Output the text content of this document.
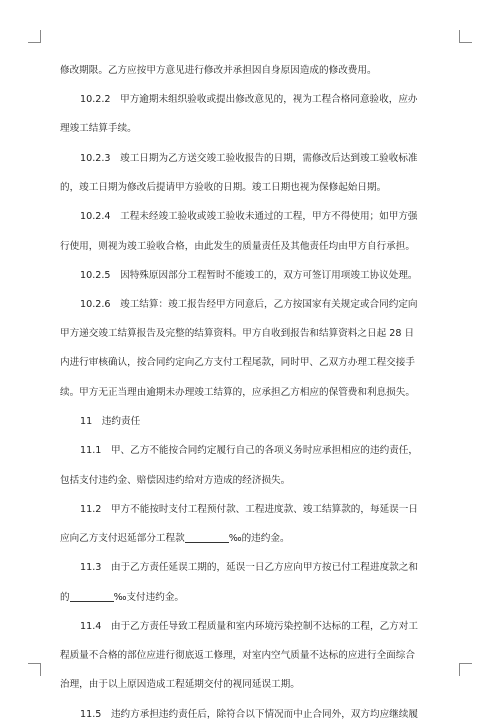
修改期限。乙方应按甲方意见进行修改并承担因自身原因造成的修改费用。
10.2.2　甲方逾期未组织验收或提出修改意见的，视为工程合格同意验收，应办
理竣工结算手续。
10.2.3　竣工日期为乙方送交竣工验收报告的日期，需修改后达到竣工验收标准
的，竣工日期为修改后提请甲方验收的日期。竣工日期也视为保修起始日期。
10.2.4　工程未经竣工验收或竣工验收未通过的工程，甲方不得使用；如甲方强
行使用，则视为竣工验收合格，由此发生的质量责任及其他责任均由甲方自行承担。
10.2.5　因特殊原因部分工程暂时不能竣工的，双方可签订用项竣工协议处理。
10.2.6　竣工结算：竣工报告经甲方同意后，乙方按国家有关规定或合同约定向
甲方递交竣工结算报告及完整的结算资料。甲方自收到报告和结算资料之日起 28 日
内进行审核确认，按合同约定向乙方支付工程尾款，同时甲、乙双方办理工程交接手
续。甲方无正当理由逾期未办理竣工结算的，应承担乙方相应的保管费和利息损失。
11　违约责任
11.1　甲、乙方不能按合同约定履行自己的各项义务时应承担相应的违约责任，
包括支付违约金、赔偿因违约给对方造成的经济损失。
11.2　甲方不能按时支付工程预付款、工程进度款、竣工结算款的，每延误一日
应向乙方支付迟延部分工程款	‰的违约金。
11.3　由于乙方责任延误工期的，延误一日乙方应向甲方按已付工程进度款之和
的	‰支付违约金。
11.4　由于乙方责任导致工程质量和室内环境污染控制不达标的工程，乙方对工
程质量不合格的部位应进行彻底返工修理，对室内空气质量不达标的应进行全面综合
治理，由于以上原因造成工程延期交付的视同延误工期。
11.5　违约方承担违约责任后，除符合以下情况而中止合同外，双方均应继续履
